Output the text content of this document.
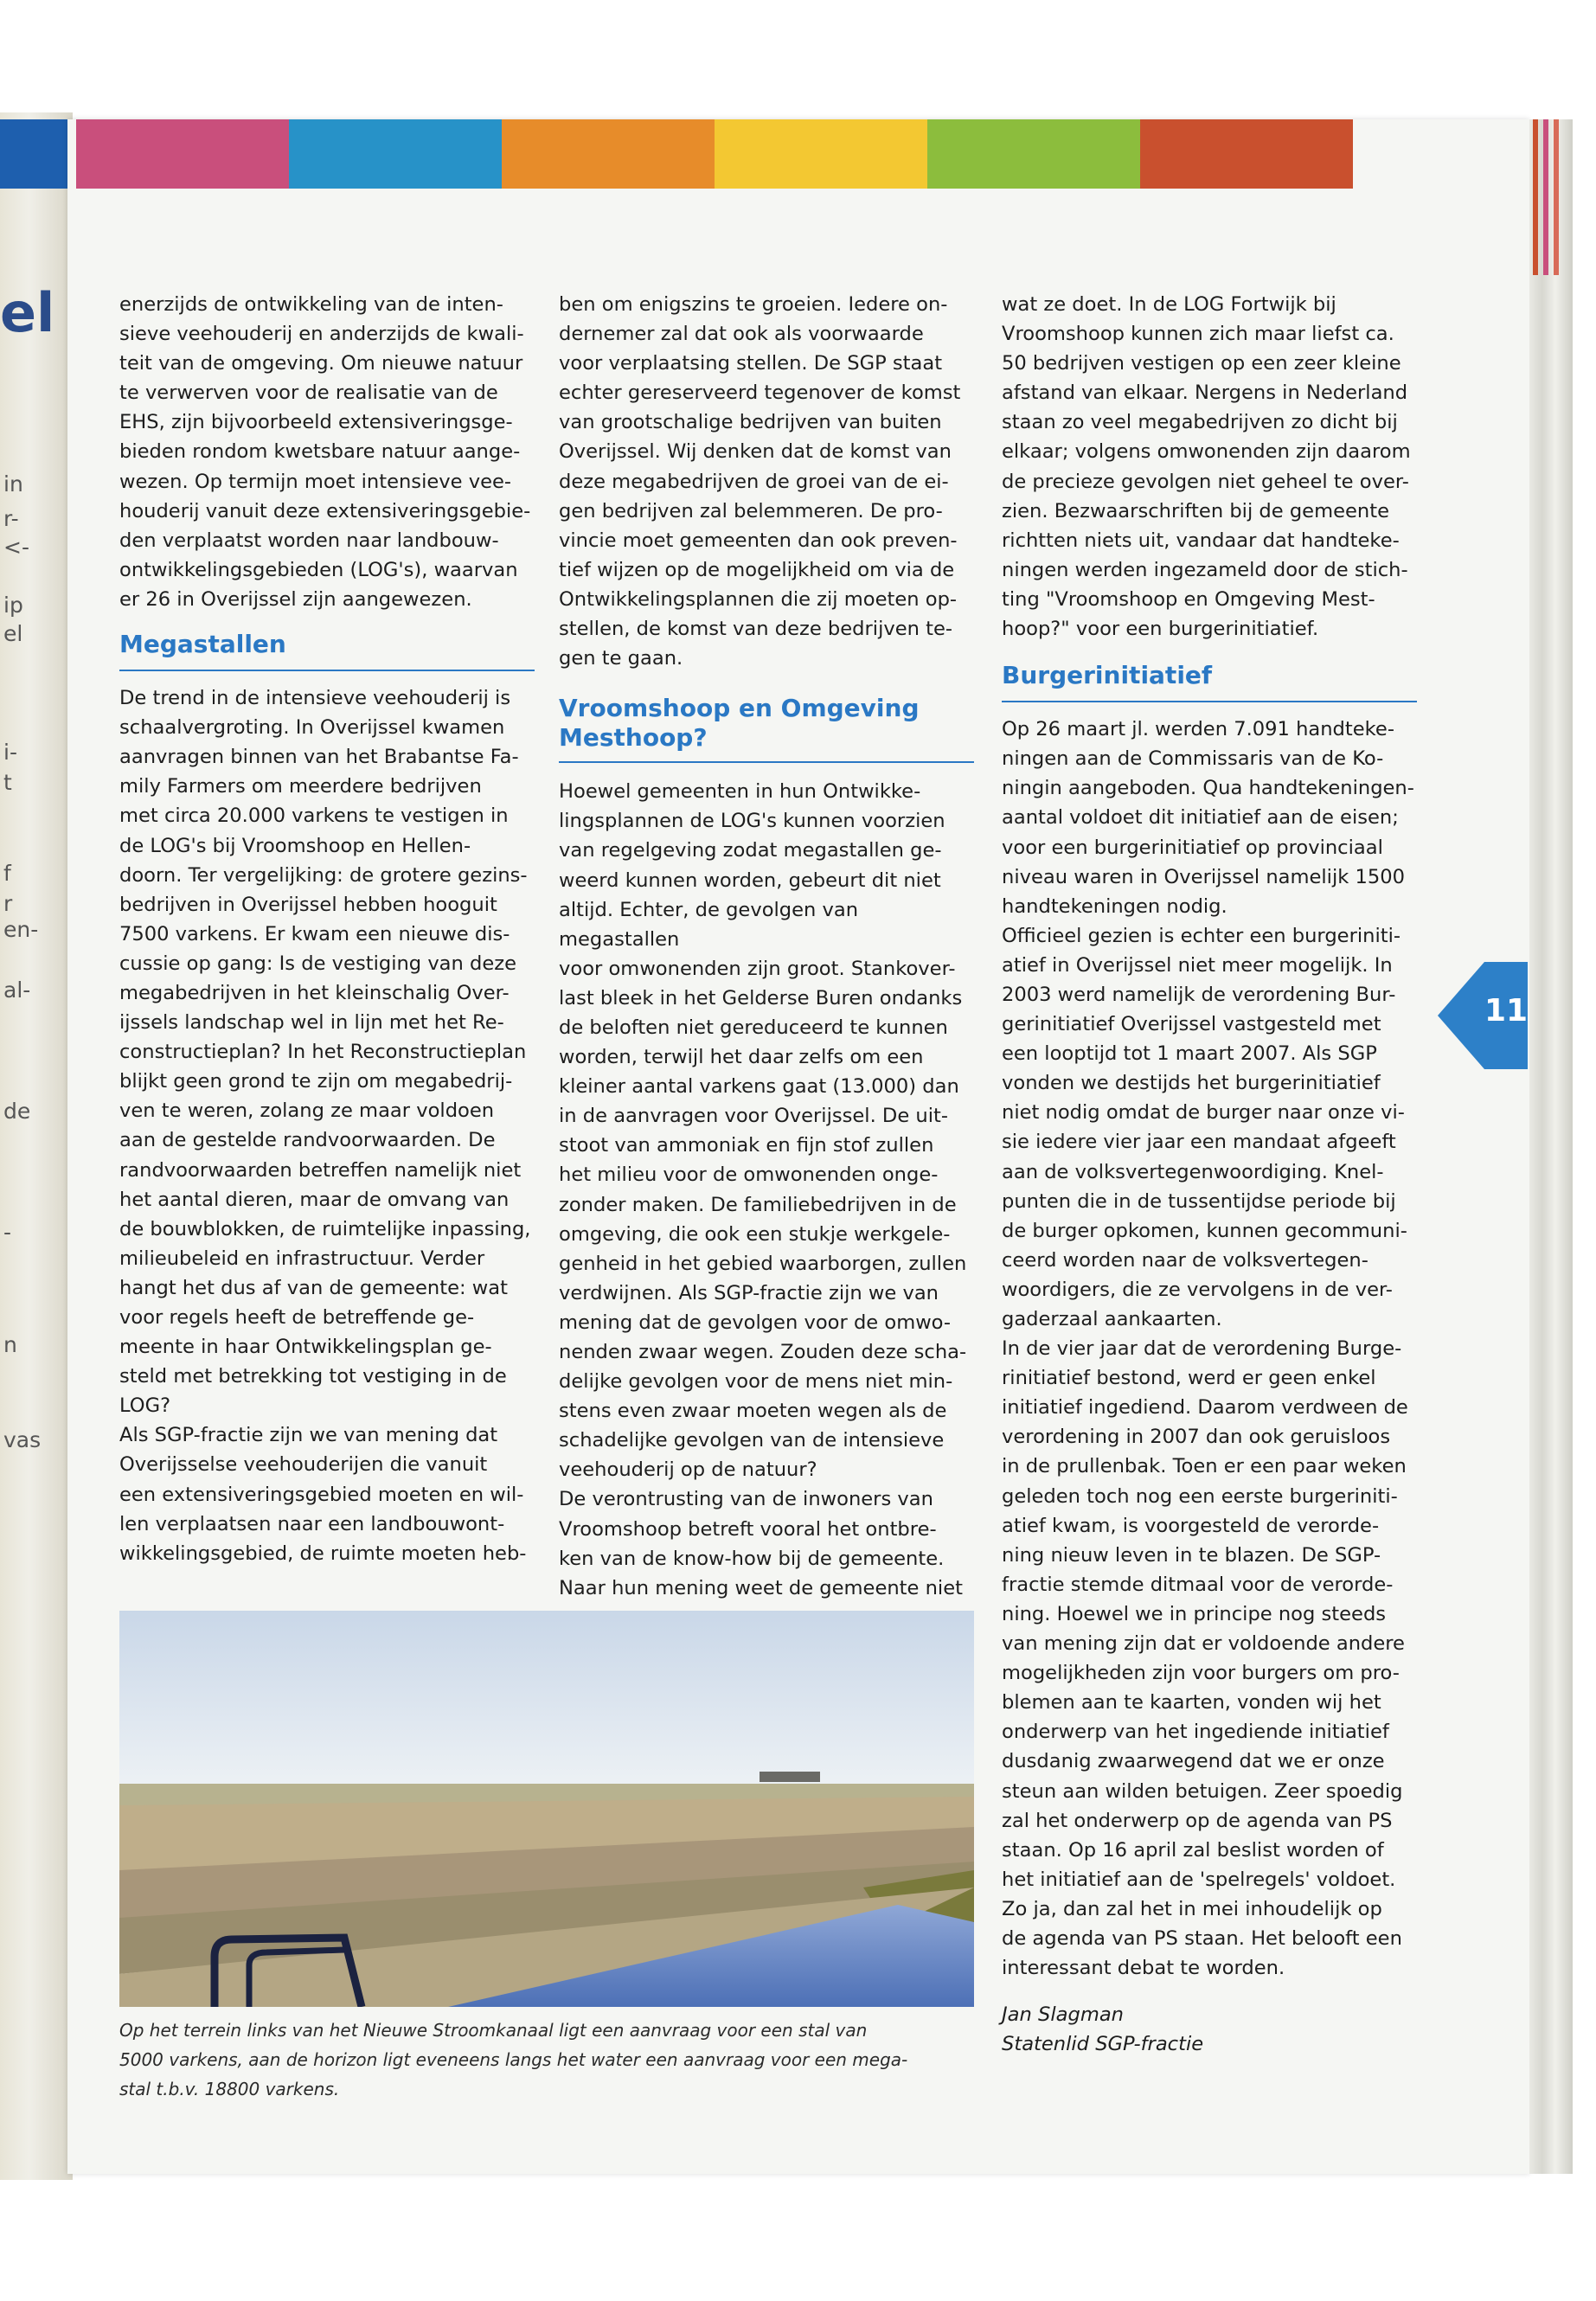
el
in
r-
<-
ip
el
i-
t
f
r
en-
al-
de
-
n
vas

enerzijds de ontwikkeling van de inten-

sieve veehouderij en anderzijds de kwali-

teit van de omgeving. Om nieuwe natuur

te verwerven voor de realisatie van de

EHS, zijn bijvoorbeeld extensiveringsge-

bieden rondom kwetsbare natuur aange-

wezen. Op termijn moet intensieve vee-

houderij vanuit deze extensiveringsgebie-

den verplaatst worden naar landbouw-

ontwikkelingsgebieden (LOG's), waarvan

er 26 in Overijssel zijn aangewezen.

Megastallen

De trend in de intensieve veehouderij is

schaalvergroting. In Overijssel kwamen

aanvragen binnen van het Brabantse Fa-

mily Farmers om meerdere bedrijven

met circa 20.000 varkens te vestigen in

de LOG's bij Vroomshoop en Hellen-

doorn. Ter vergelijking: de grotere gezins-

bedrijven in Overijssel hebben hooguit

7500 varkens. Er kwam een nieuwe dis-

cussie op gang: Is de vestiging van deze

megabedrijven in het kleinschalig Over-

ijssels landschap wel in lijn met het Re-

constructieplan? In het Reconstructieplan

blijkt geen grond te zijn om megabedrij-

ven te weren, zolang ze maar voldoen

aan de gestelde randvoorwaarden. De

randvoorwaarden betreffen namelijk niet

het aantal dieren, maar de omvang van

de bouwblokken, de ruimtelijke inpassing,

milieubeleid en infrastructuur. Verder

hangt het dus af van de gemeente: wat

voor regels heeft de betreffende ge-

meente in haar Ontwikkelingsplan ge-

steld met betrekking tot vestiging in de

LOG?

Als SGP-fractie zijn we van mening dat

Overijsselse veehouderijen die vanuit

een extensiveringsgebied moeten en wil-

len verplaatsen naar een landbouwont-

wikkelingsgebied, de ruimte moeten heb-

ben om enigszins te groeien. Iedere on-

dernemer zal dat ook als voorwaarde

voor verplaatsing stellen. De SGP staat

echter gereserveerd tegenover de komst

van grootschalige bedrijven van buiten

Overijssel. Wij denken dat de komst van

deze megabedrijven de groei van de ei-

gen bedrijven zal belemmeren. De pro-

vincie moet gemeenten dan ook preven-

tief wijzen op de mogelijkheid om via de

Ontwikkelingsplannen die zij moeten op-

stellen, de komst van deze bedrijven te-

gen te gaan.

Vroomshoop en Omgeving
Mesthoop?

Hoewel gemeenten in hun Ontwikke-

lingsplannen de LOG's kunnen voorzien

van regelgeving zodat megastallen ge-

weerd kunnen worden, gebeurt dit niet

altijd. Echter, de gevolgen van megastallen

voor omwonenden zijn groot. Stankover-

last bleek in het Gelderse Buren ondanks

de beloften niet gereduceerd te kunnen

worden, terwijl het daar zelfs om een

kleiner aantal varkens gaat (13.000) dan

in de aanvragen voor Overijssel. De uit-

stoot van ammoniak en fijn stof zullen

het milieu voor de omwonenden onge-

zonder maken. De familiebedrijven in de

omgeving, die ook een stukje werkgele-

genheid in het gebied waarborgen, zullen

verdwijnen. Als SGP-fractie zijn we van

mening dat de gevolgen voor de omwo-

nenden zwaar wegen. Zouden deze scha-

delijke gevolgen voor de mens niet min-

stens even zwaar moeten wegen als de

schadelijke gevolgen van de intensieve

veehouderij op de natuur?

De verontrusting van de inwoners van

Vroomshoop betreft vooral het ontbre-

ken van de know-how bij de gemeente.

Naar hun mening weet de gemeente niet

wat ze doet. In de LOG Fortwijk bij

Vroomshoop kunnen zich maar liefst ca.

50 bedrijven vestigen op een zeer kleine

afstand van elkaar. Nergens in Nederland

staan zo veel megabedrijven zo dicht bij

elkaar; volgens omwonenden zijn daarom

de precieze gevolgen niet geheel te over-

zien. Bezwaarschriften bij de gemeente

richtten niets uit, vandaar dat handteke-

ningen werden ingezameld door de stich-

ting "Vroomshoop en Omgeving Mest-

hoop?" voor een burgerinitiatief.

Burgerinitiatief

Op 26 maart jl. werden 7.091 handteke-

ningen aan de Commissaris van de Ko-

ningin aangeboden. Qua handtekeningen-

aantal voldoet dit initiatief aan de eisen;

voor een burgerinitiatief op provinciaal

niveau waren in Overijssel namelijk 1500

handtekeningen nodig.

Officieel gezien is echter een burgeriniti-

atief in Overijssel niet meer mogelijk. In

2003 werd namelijk de verordening Bur-

gerinitiatief Overijssel vastgesteld met

een looptijd tot 1 maart 2007. Als SGP

vonden we destijds het burgerinitiatief

niet nodig omdat de burger naar onze vi-

sie iedere vier jaar een mandaat afgeeft

aan de volksvertegenwoordiging. Knel-

punten die in de tussentijdse periode bij

de burger opkomen, kunnen gecommuni-

ceerd worden naar de volksvertegen-

woordigers, die ze vervolgens in de ver-

gaderzaal aankaarten.

In de vier jaar dat de verordening Burge-

rinitiatief bestond, werd er geen enkel

initiatief ingediend. Daarom verdween de

verordening in 2007 dan ook geruisloos

in de prullenbak. Toen er een paar weken

geleden toch nog een eerste burgeriniti-

atief kwam, is voorgesteld de verorde-

ning nieuw leven in te blazen. De SGP-

fractie stemde ditmaal voor de verorde-

ning. Hoewel we in principe nog steeds

van mening zijn dat er voldoende andere

mogelijkheden zijn voor burgers om pro-

blemen aan te kaarten, vonden wij het

onderwerp van het ingediende initiatief

dusdanig zwaarwegend dat we er onze

steun aan wilden betuigen. Zeer spoedig

zal het onderwerp op de agenda van PS

staan. Op 16 april zal beslist worden of

het initiatief aan de 'spelregels' voldoet.

Zo ja, dan zal het in mei inhoudelijk op

de agenda van PS staan. Het belooft een

interessant debat te worden.

Jan Slagman

Statenlid SGP-fractie

Op het terrein links van het Nieuwe Stroomkanaal ligt een aanvraag voor een stal van
5000 varkens, aan de horizon ligt eveneens langs het water een aanvraag voor een mega-
stal t.b.v. 18800 varkens.
11
